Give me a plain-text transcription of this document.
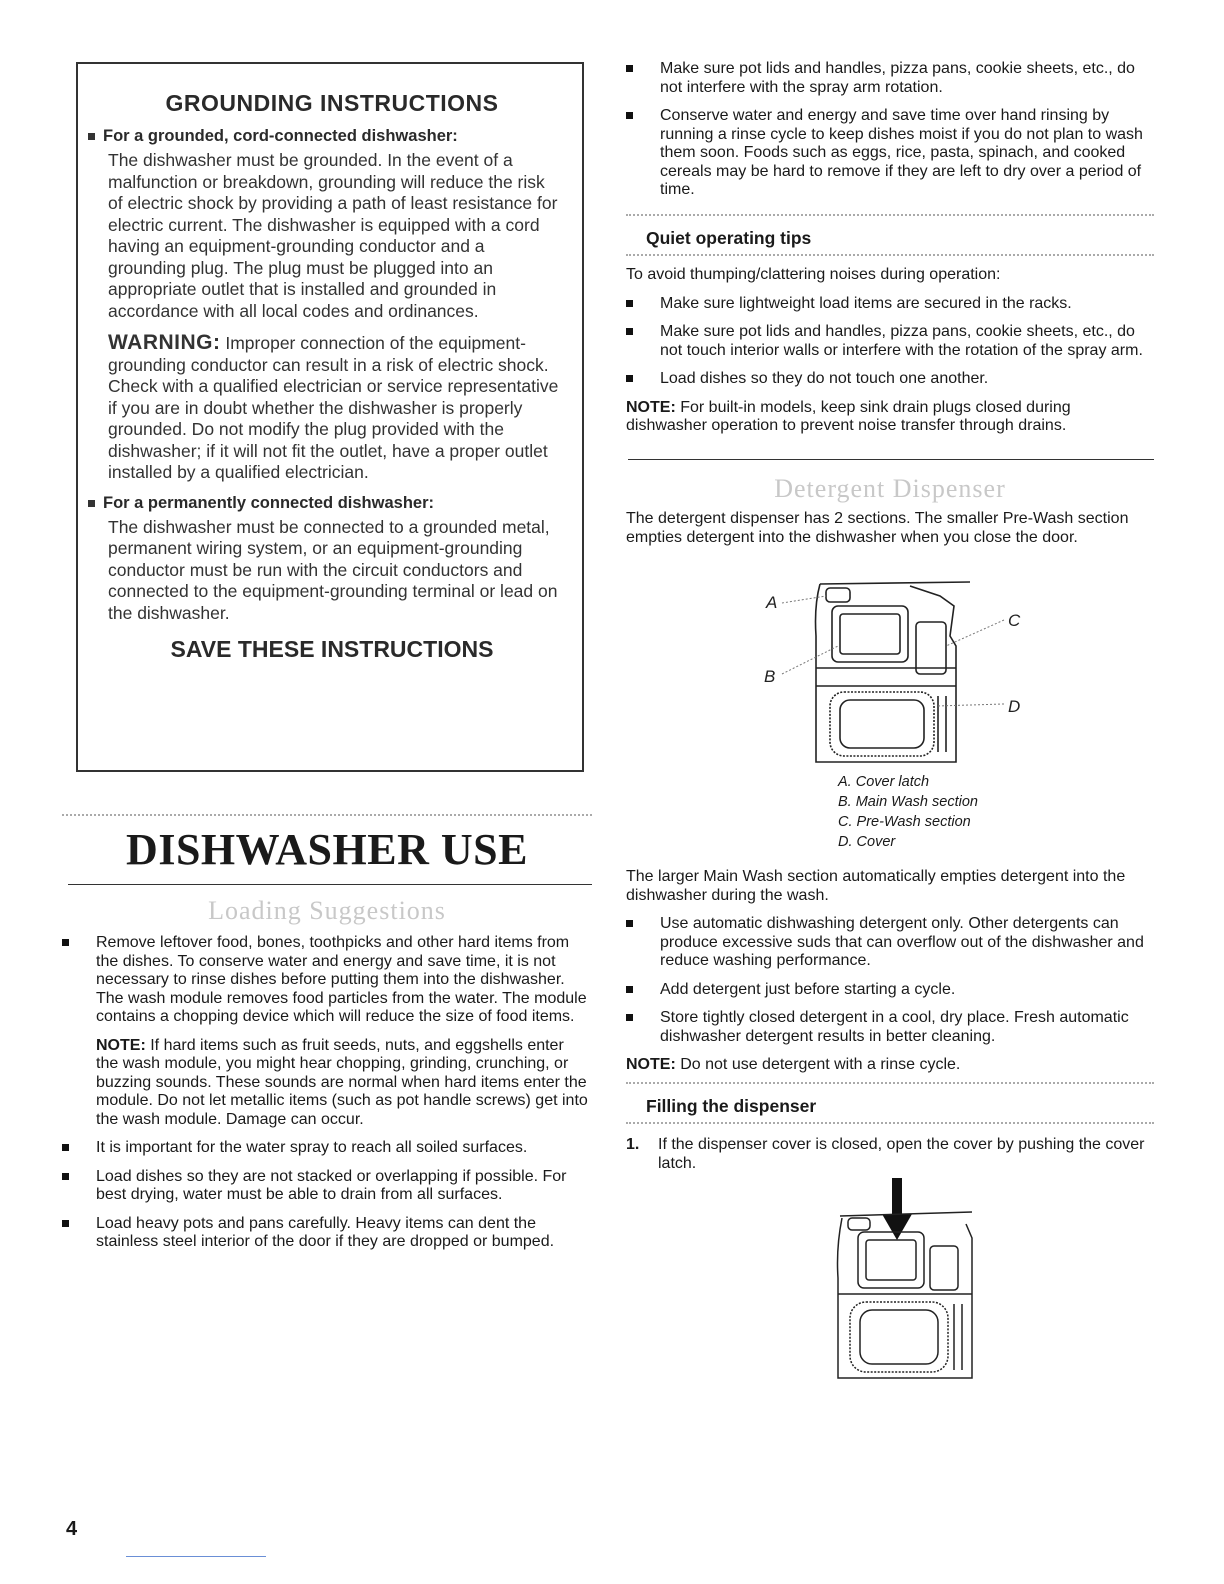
GROUNDING INSTRUCTIONS
For a grounded, cord-connected dishwasher:

The dishwasher must be grounded. In the event of a malfunction or breakdown, grounding will reduce the risk of electric shock by providing a path of least resistance for electric current. The dishwasher is equipped with a cord having an equipment-grounding conductor and a grounding plug. The plug must be plugged into an appropriate outlet that is installed and grounded in accordance with all local codes and ordinances.

WARNING: Improper connection of the equipment-grounding conductor can result in a risk of electric shock. Check with a qualified electrician or service representative if you are in doubt whether the dishwasher is properly grounded. Do not modify the plug provided with the dishwasher; if it will not fit the outlet, have a proper outlet installed by a qualified electrician.

For a permanently connected dishwasher:

The dishwasher must be connected to a grounded metal, permanent wiring system, or an equipment-grounding conductor must be run with the circuit conductors and connected to the equipment-grounding terminal or lead on the dishwasher.

SAVE THESE INSTRUCTIONS
DISHWASHER USE
Loading Suggestions
Remove leftover food, bones, toothpicks and other hard items from the dishes. To conserve water and energy and save time, it is not necessary to rinse dishes before putting them into the dishwasher. The wash module removes food particles from the water. The module contains a chopping device which will reduce the size of food items.

NOTE: If hard items such as fruit seeds, nuts, and eggshells enter the wash module, you might hear chopping, grinding, crunching, or buzzing sounds. These sounds are normal when hard items enter the module. Do not let metallic items (such as pot handle screws) get into the wash module. Damage can occur.

It is important for the water spray to reach all soiled surfaces.
Load dishes so they are not stacked or overlapping if possible. For best drying, water must be able to drain from all surfaces.
Load heavy pots and pans carefully. Heavy items can dent the stainless steel interior of the door if they are dropped or bumped.
Make sure pot lids and handles, pizza pans, cookie sheets, etc., do not interfere with the spray arm rotation.
Conserve water and energy and save time over hand rinsing by running a rinse cycle to keep dishes moist if you do not plan to wash them soon. Foods such as eggs, rice, pasta, spinach, and cooked cereals may be hard to remove if they are left to dry over a period of time.
Quiet operating tips

To avoid thumping/clattering noises during operation:

Make sure lightweight load items are secured in the racks.
Make sure pot lids and handles, pizza pans, cookie sheets, etc., do not touch interior walls or interfere with the rotation of the spray arm.
Load dishes so they do not touch one another.

NOTE: For built-in models, keep sink drain plugs closed during dishwasher operation to prevent noise transfer through drains.

Detergent Dispenser

The detergent dispenser has 2 sections. The smaller Pre-Wash section empties detergent into the dishwasher when you close the door.

A
B
C
D

A. Cover latch

B. Main Wash section

C. Pre-Wash section

D. Cover

The larger Main Wash section automatically empties detergent into the dishwasher during the wash.

Use automatic dishwashing detergent only. Other detergents can produce excessive suds that can overflow out of the dishwasher and reduce washing performance.
Add detergent just before starting a cycle.
Store tightly closed detergent in a cool, dry place. Fresh automatic dishwasher detergent results in better cleaning.

NOTE: Do not use detergent with a rinse cycle.

Filling the dispenser
1. If the dispenser cover is closed, open the cover by pushing the cover latch.
4
